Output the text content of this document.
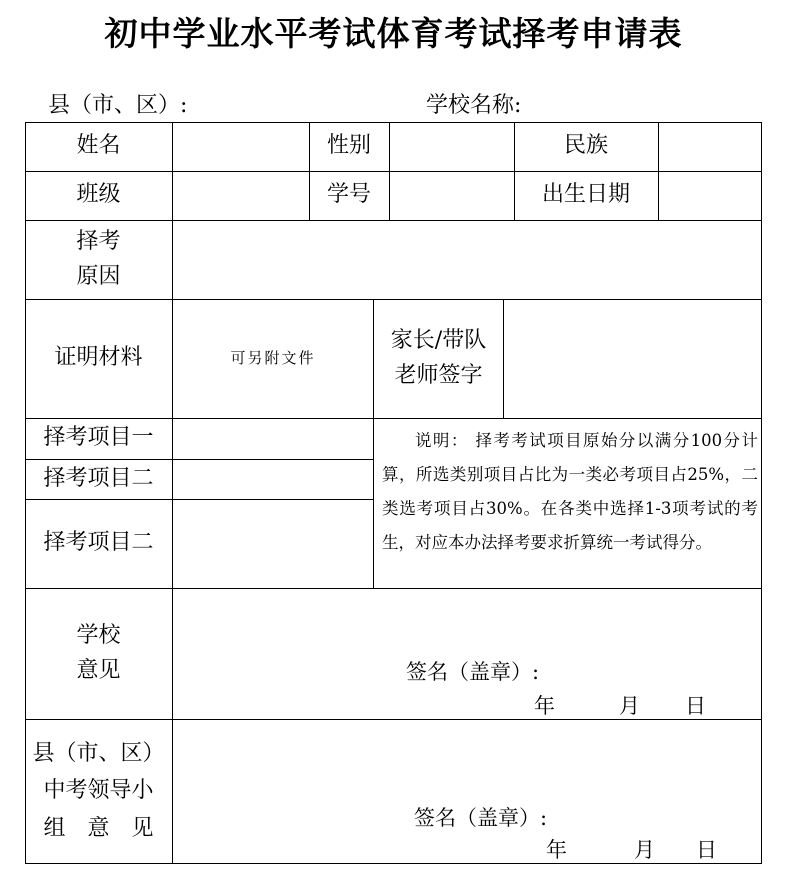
初中学业水平考试体育考试择考申请表
县（市、区）:	学校名称:
姓名	性别	民族
班级	学号	出生日期
择考
原因
证明材料	可另附文件
家长/带队
老师签字
择考项目一
择考项目二
择考项目二
说明： 择考考试项目原始分以满分100分计算，所选类别项目占比为一类必考项目占25%，二类选考项目占30%。在各类中选择1-3项考试的考生，对应本办法择考要求折算统一考试得分。
学校
意见	签名（盖章）:
年	月 日
县（市、区）
中考领导小
组　意　见	签名（盖章）:
年	月 日
